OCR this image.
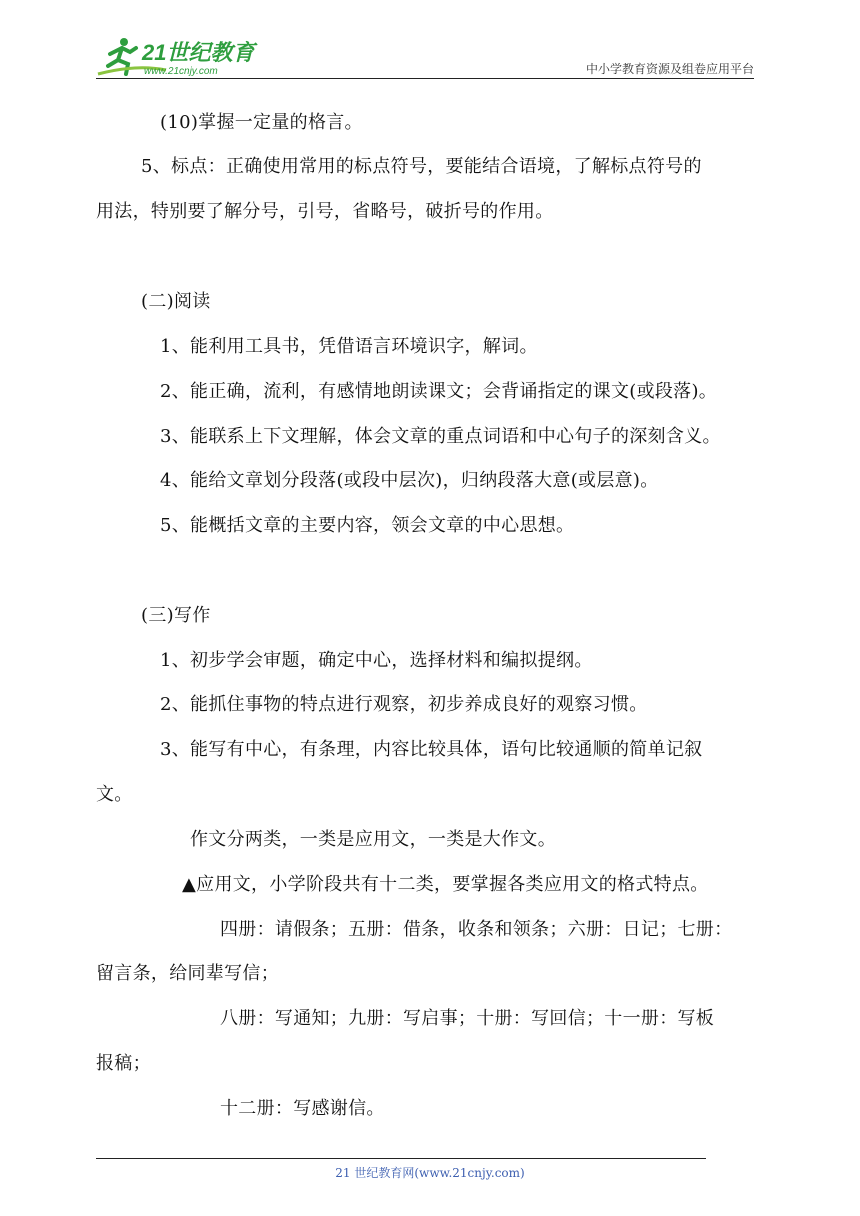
21世纪教育
www.21cnjy.com	中小学教育资源及组卷应用平台
(10)掌握一定量的格言。
5、标点：正确使用常用的标点符号，要能结合语境，了解标点符号的
用法，特别要了解分号，引号，省略号，破折号的作用。
(二)阅读
1、能利用工具书，凭借语言环境识字，解词。
2、能正确，流利，有感情地朗读课文；会背诵指定的课文(或段落)。
3、能联系上下文理解，体会文章的重点词语和中心句子的深刻含义。
4、能给文章划分段落(或段中层次)，归纳段落大意(或层意)。
5、能概括文章的主要内容，领会文章的中心思想。
(三)写作
1、初步学会审题，确定中心，选择材料和编拟提纲。
2、能抓住事物的特点进行观察，初步养成良好的观察习惯。
3、能写有中心，有条理，内容比较具体，语句比较通顺的简单记叙
文。
作文分两类，一类是应用文，一类是大作文。
▲应用文，小学阶段共有十二类，要掌握各类应用文的格式特点。
四册：请假条；五册：借条，收条和领条；六册：日记；七册：
留言条，给同辈写信；
八册：写通知；九册：写启事；十册：写回信；十一册：写板
报稿；
十二册：写感谢信。
21 世纪教育网(www.21cnjy.com)
